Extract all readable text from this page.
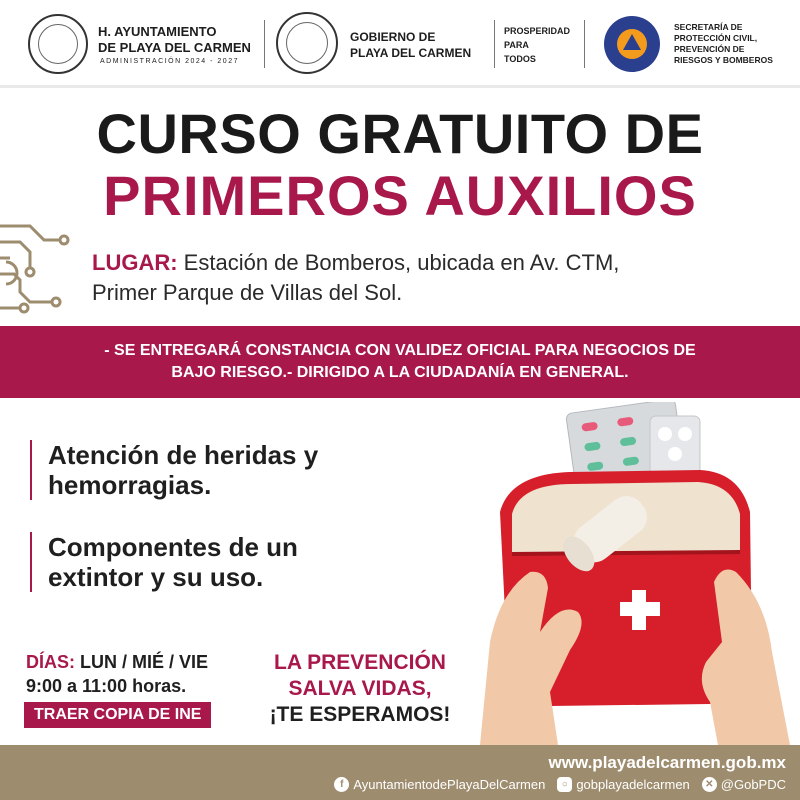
H. AYUNTAMIENTO
DE PLAYA DEL CARMEN
ADMINISTRACIÓN 2024 - 2027
GOBIERNO DE
PLAYA DEL CARMEN
PROSPERIDAD
PARA
TODOS
SECRETARÍA DE
PROTECCIÓN CIVIL,
PREVENCIÓN DE
RIESGOS Y BOMBEROS
CURSO GRATUITO DE
PRIMEROS AUXILIOS
LUGAR: Estación de Bomberos, ubicada en Av. CTM,
Primer Parque de Villas del Sol.
- SE ENTREGARÁ CONSTANCIA CON VALIDEZ OFICIAL PARA NEGOCIOS DE
BAJO RIESGO.- DIRIGIDO A LA CIUDADANÍA EN GENERAL.
Atención de heridas y
hemorragias.
Componentes de un
extintor y su uso.
DÍAS: LUN / MIÉ / VIE
9:00 a 11:00 horas.
TRAER COPIA DE INE
LA PREVENCIÓN
SALVA VIDAS,
¡TE ESPERAMOS!
www.playadelcarmen.gob.mx
f AyuntamientodePlayaDelCarmen	○ gobplayadelcarmen	✕ @GobPDC
